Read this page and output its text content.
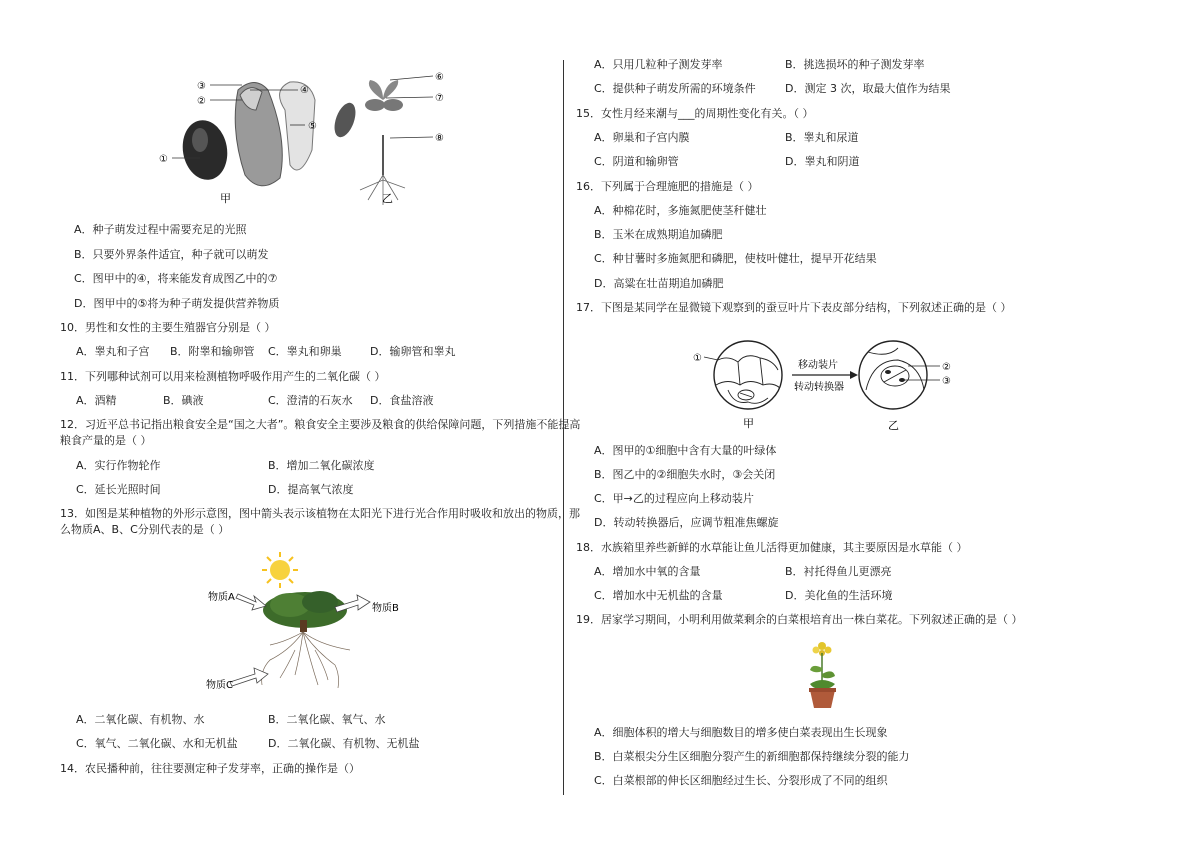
③
②
④
⑤
①
甲
⑥
⑦
⑧
乙
A．种子萌发过程中需要充足的光照
B．只要外界条件适宜，种子就可以萌发
C．图甲中的④，将来能发育成图乙中的⑦
D．图甲中的⑤将为种子萌发提供营养物质
10．男性和女性的主要生殖器官分别是（ ）
A．睾丸和子宫 B．附睾和输卵管 C．睾丸和卵巢	D．输卵管和睾丸
11．下列哪种试剂可以用来检测植物呼吸作用产生的二氧化碳（ ）
A．酒精	B．碘液	C．澄清的石灰水 D．食盐溶液
12．习近平总书记指出粮食安全是“国之大者”。粮食安全主要涉及粮食的供给保障问题，下列措施不能提高
粮食产量的是（ ）
A．实行作物轮作	B．增加二氧化碳浓度
C．延长光照时间	D．提高氧气浓度
13．如图是某种植物的外形示意图，图中箭头表示该植物在太阳光下进行光合作用时吸收和放出的物质，那
么物质A、B、C分别代表的是（ ）
物质A
物质B
物质C
A．二氧化碳、有机物、水	B．二氧化碳、氧气、水
C．氧气、二氧化碳、水和无机盐	D．二氧化碳、有机物、无机盐
14．农民播种前，往往要测定种子发芽率，正确的操作是（）
A．只用几粒种子测发芽率	B．挑选损坏的种子测发芽率
C．提供种子萌发所需的环境条件	D．测定 3 次，取最大值作为结果
15．女性月经来潮与___的周期性变化有关。（ ）
A．卵巢和子宫内膜	B．睾丸和尿道
C．阴道和输卵管	D．睾丸和阴道
16．下列属于合理施肥的措施是（ ）
A．种棉花时，多施氮肥使茎秆健壮
B．玉米在成熟期追加磷肥
C．种甘薯时多施氮肥和磷肥，使枝叶健壮，提早开花结果
D．高粱在壮苗期追加磷肥
17．下图是某同学在显微镜下观察到的蚕豆叶片下表皮部分结构，下列叙述正确的是（ ）
①
移动装片
转动转换器
②
③
甲	乙
A．图甲的①细胞中含有大量的叶绿体
B．图乙中的②细胞失水时，③会关闭
C．甲→乙的过程应向上移动装片
D．转动转换器后，应调节粗准焦螺旋
18．水族箱里养些新鲜的水草能让鱼儿活得更加健康，其主要原因是水草能（ ）
A．增加水中氧的含量	B．衬托得鱼儿更漂亮
C．增加水中无机盐的含量	D．美化鱼的生活环境
19．居家学习期间，小明利用做菜剩余的白菜根培育出一株白菜花。下列叙述正确的是（ ）
A．细胞体积的增大与细胞数目的增多使白菜表现出生长现象
B．白菜根尖分生区细胞分裂产生的新细胞都保持继续分裂的能力
C．白菜根部的伸长区细胞经过生长、分裂形成了不同的组织
